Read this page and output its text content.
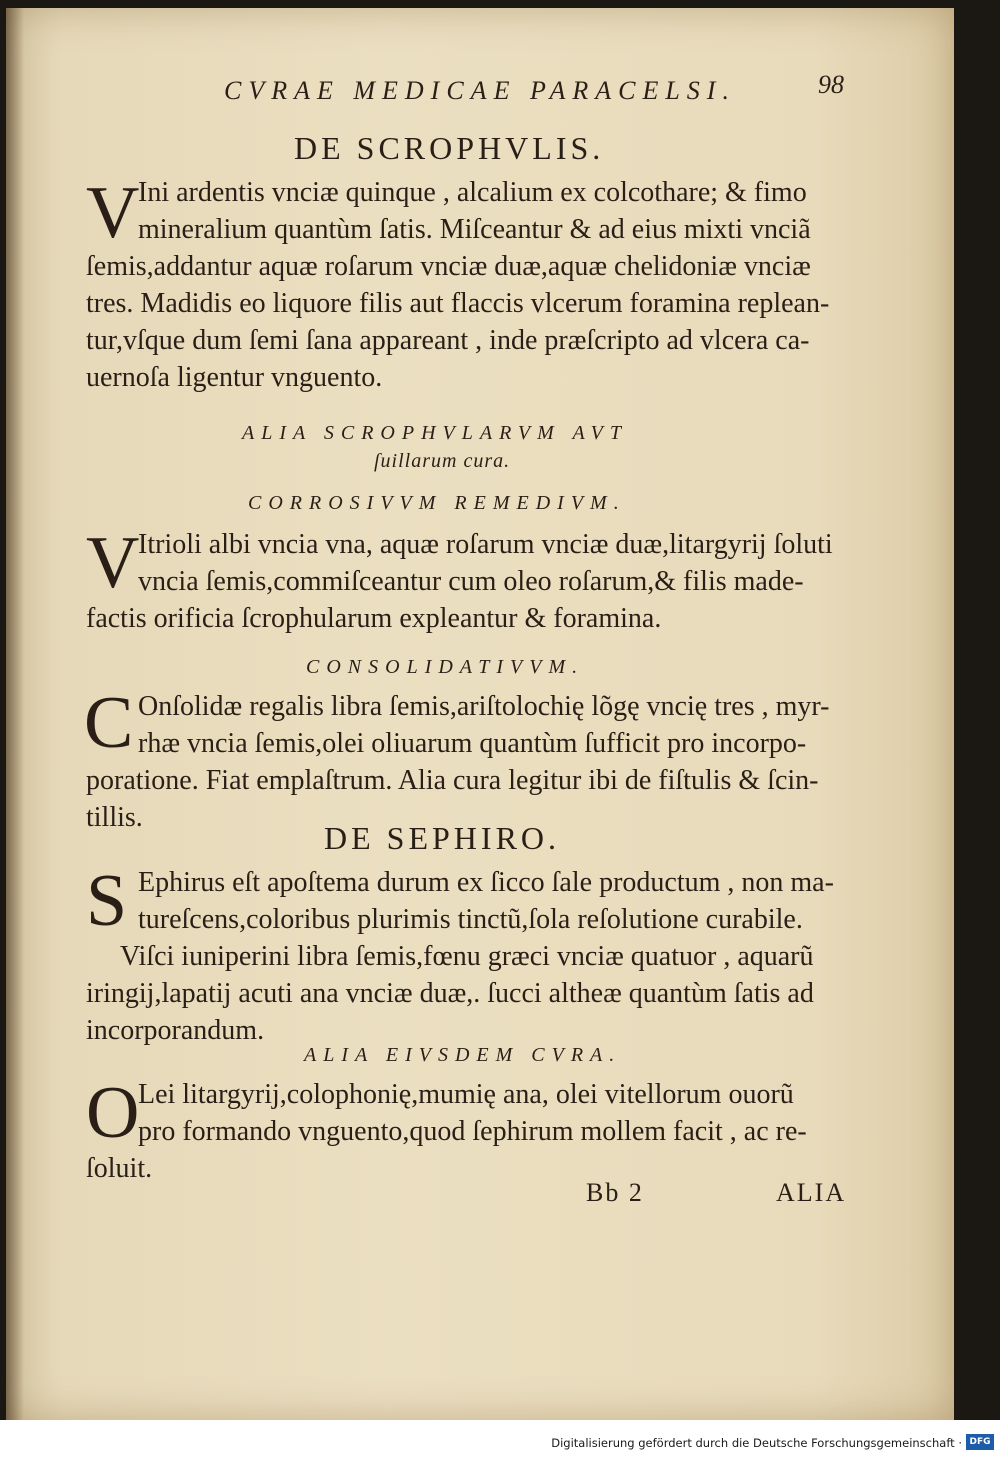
CVRAE MEDICAE PARACELSI.	98
DE SCROPHVLIS.
V
Ini ardentis vnciæ quinque , alcalium ex colcothare; & fimo
mineralium quantùm ſatis. Miſceantur & ad eius mixti vnciã
ſemis,addantur aquæ roſarum vnciæ duæ,aquæ chelidoniæ vnciæ
tres. Madidis eo liquore filis aut flaccis vlcerum foramina replean-
tur,vſque dum ſemi ſana appareant , inde præſcripto ad vlcera ca-
uernoſa ligentur vnguento.
ALIA SCROPHVLARVM AVT
ſuillarum cura.
CORROSIVVM REMEDIVM.
V
Itrioli albi vncia vna, aquæ roſarum vnciæ duæ,litargyrij ſoluti
vncia ſemis,commiſceantur cum oleo roſarum,& filis made-
factis orificia ſcrophularum expleantur & foramina.
CONSOLIDATIVVM.
C Onſolidæ regalis libra ſemis,ariſtolochię lõgę vncię tres , myr-
rhæ vncia ſemis,olei oliuarum quantùm ſufficit pro incorpo-
poratione. Fiat emplaſtrum. Alia cura legitur ibi de fiſtulis & ſcin-
tillis.
DE SEPHIRO.
S Ephirus eſt apoſtema durum ex ſicco ſale productum , non ma-
tureſcens,coloribus plurimis tinctũ,ſola reſolutione curabile.
Viſci iuniperini libra ſemis,fœnu græci vnciæ quatuor , aquarũ
iringij,lapatij acuti ana vnciæ duæ,. ſucci altheæ quantùm ſatis ad
incorporandum.
ALIA EIVSDEM CVRA.
O
Lei litargyrij,colophonię,mumię ana, olei vitellorum ouorũ
pro formando vnguento,quod ſephirum mollem facit , ac re-
ſoluit.
Bb 2	ALIA
Digitalisierung gefördert durch die Deutsche Forschungsgemeinschaft · DFG
